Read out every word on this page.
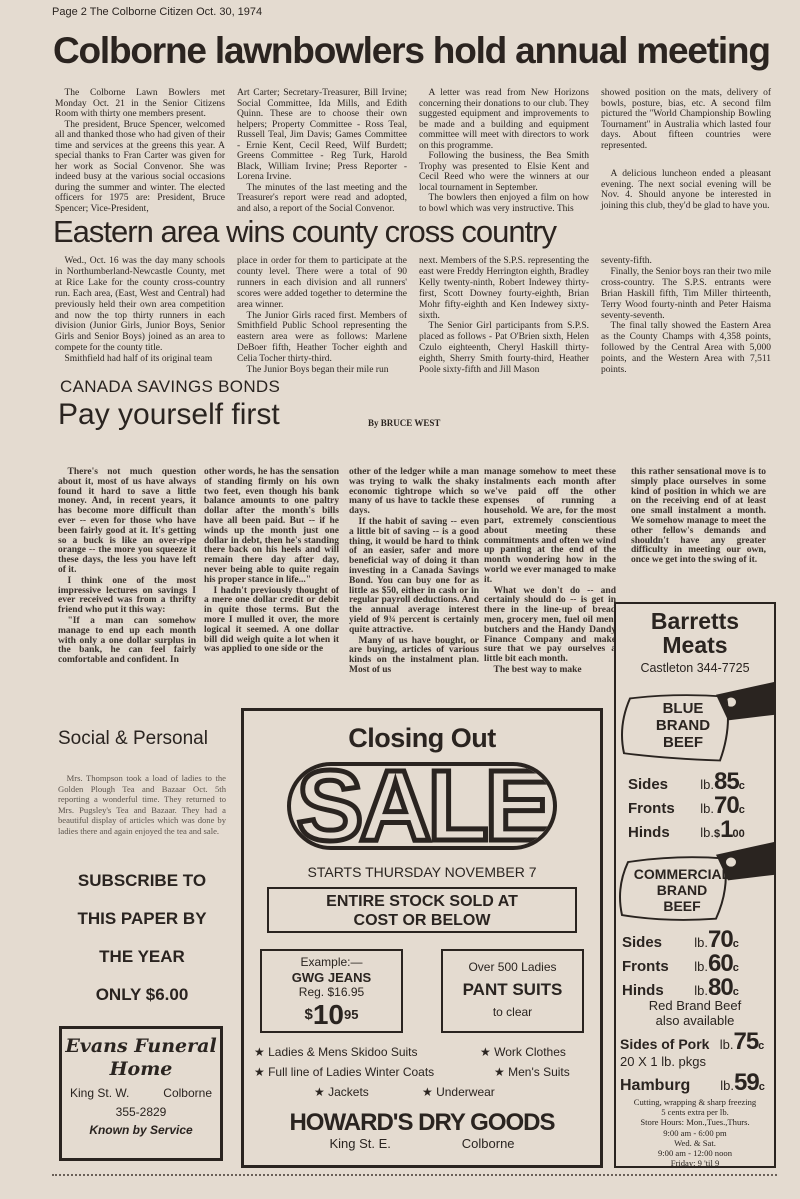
Page 2 The Colborne Citizen Oct. 30, 1974
Colborne lawnbowlers hold annual meeting

The Colborne Lawn Bowlers met Monday Oct. 21 in the Senior Citizens Room with thirty one members present.

The president, Bruce Spencer, welcomed all and thanked those who had given of their time and services at the greens this year. A special thanks to Fran Carter was given for her work as Social Convenor. She was indeed busy at the various social occasions during the summer and winter. The elected officers for 1975 are: President, Bruce Spencer; Vice-President,

Art Carter; Secretary-Treasurer, Bill Irvine; Social Committee, Ida Mills, and Edith Quinn. These are to choose their own helpers; Property Committee - Ross Teal, Russell Teal, Jim Davis; Games Committee - Ernie Kent, Cecil Reed, Wilf Burdett; Greens Committee - Reg Turk, Harold Black, William Irvine; Press Reporter - Lorena Irvine.

The minutes of the last meeting and the Treasurer's report were read and adopted, and also, a report of the Social Convenor.

A letter was read from New Horizons concerning their donations to our club. They suggested equipment and improvements to be made and a building and equipment committee will meet with directors to work on this programme.

Following the business, the Bea Smith Trophy was presented to Elsie Kent and Cecil Reed who were the winners at our local tournament in September.

The bowlers then enjoyed a film on how to bowl which was very instructive. This

showed position on the mats, delivery of bowls, posture, bias, etc. A second film pictured the ''World Championship Bowling Tournament'' in Australia which lasted four days. About fifteen countries were represented.

A delicious luncheon ended a pleasant evening. The next social evening will be Nov. 4. Should anyone be interested in joining this club, they'd be glad to have you.

Eastern area wins county cross country

Wed., Oct. 16 was the day many schools in Northumberland-Newcastle County, met at Rice Lake for the county cross-country run. Each area, (East, West and Central) had previously held their own area competition and now the top thirty runners in each division (Junior Girls, Junior Boys, Senior Girls and Senior Boys) joined as an area to compete for the county title.

Smithfield had half of its original team

place in order for them to participate at the county level. There were a total of 90 runners in each division and all runners' scores were added together to determine the area winner.

The Junior Girls raced first. Members of Smithfield Public School representing the eastern area were as follows: Marlene DeBoer fifth, Heather Tocher eighth and Celia Tocher thirty-third.

The Junior Boys began their mile run

next. Members of the S.P.S. representing the east were Freddy Herrington eighth, Bradley Kelly twenty-ninth, Robert Indewey thirty-first, Scott Downey fourty-eighth, Brian Mohr fifty-eighth and Ken Indewey sixty-sixth.

The Senior Girl participants from S.P.S. placed as follows - Pat O'Brien sixth, Helen Czulo eighteenth, Cheryl Haskill thirty-eighth, Sherry Smith fourty-third, Heather Poole sixty-fifth and Jill Mason

seventy-fifth.

Finally, the Senior boys ran their two mile cross-country. The S.P.S. entrants were Brian Haskill fifth, Tim Miller thirteenth, Terry Wood fourty-ninth and Peter Haisma seventy-seventh.

The final tally showed the Eastern Area as the County Champs with 4,358 points, followed by the Central Area with 5,000 points, and the Western Area with 7,511 points.

CANADA SAVINGS BONDS
Pay yourself first	By BRUCE WEST

There's not much question about it, most of us have always found it hard to save a little money. And, in recent years, it has become more difficult than ever -- even for those who have been fairly good at it. It's getting so a buck is like an over-ripe orange -- the more you squeeze it these days, the less you have left of it.

I think one of the most impressive lectures on savings I ever received was from a thrifty friend who put it this way:

"If a man can somehow manage to end up each month with only a one dollar surplus in the bank, he can feel fairly comfortable and confident. In

other words, he has the sensation of standing firmly on his own two feet, even though his bank balance amounts to one paltry dollar after the month's bills have all been paid. But -- if he winds up the month just one dollar in debt, then he's standing there back on his heels and will remain there day after day, never being able to quite regain his proper stance in life..."

I hadn't previously thought of a mere one dollar credit or debit in quite those terms. But the more I mulled it over, the more logical it seemed. A one dollar bill did weigh quite a lot when it was applied to one side or the

other of the ledger while a man was trying to walk the shaky economic tightrope which so many of us have to tackle these days.

If the habit of saving -- even a little bit of saving -- is a good thing, it would be hard to think of an easier, safer and more beneficial way of doing it than investing in a Canada Savings Bond. You can buy one for as little as $50, either in cash or in regular payroll deductions. And the annual average interest yield of 9¾ percent is certainly quite attractive.

Many of us have bought, or are buying, articles of various kinds on the instalment plan. Most of us

manage somehow to meet these instalments each month after we've paid off the other expenses of running a household. We are, for the most part, extremely conscientious about meeting these commitments and often we wind up panting at the end of the month wondering how in the world we ever managed to make it.

What we don't do -- and certainly should do -- is get in there in the line-up of bread men, grocery men, fuel oil men, butchers and the Handy Dandy Finance Company and make sure that we pay ourselves a little bit each month.

The best way to make

this rather sensational move is to simply place ourselves in some kind of position in which we are on the receiving end of at least one small instalment a month. We somehow manage to meet the other fellow's demands and shouldn't have any greater difficulty in meeting our own, once we get into the swing of it.

Social & Personal
Mrs. Thompson took a load of ladies to the Golden Plough Tea and Bazaar Oct. 5th reporting a wonderful time. They returned to Mrs. Pugsley's Tea and Bazaar. They had a beautiful display of articles which was done by ladies there and again enjoyed the tea and sale.
SUBSCRIBE TO
THIS PAPER BY
THE YEAR
ONLY $6.00
Evans Funeral
Home
King St. W.	Colborne
355-2829
Known by Service
Closing Out
SALE
STARTS THURSDAY NOVEMBER 7
ENTIRE STOCK SOLD AT
COST OR BELOW
Example:—
GWG JEANS
Reg. $16.95
$\$10^{95}$
Over 500 Ladies
PANT SUITS
to clear
★ Ladies & Mens Skidoo Suits	★ Work Clothes
★ Full line of Ladies Winter Coats	★ Men's Suits
★ Jackets	★ Underwear
HOWARD'S DRY GOODS
King St. E.	Colborne
Barretts
Meats
Castleton 344-7725
BLUE
BRAND
BEEF
Sides	lb. $85_c$
Fronts	lb. $70_c$
Hinds	lb. $ $1_{00}$
COMMERCIAL
BRAND
BEEF
Sides	lb. $70_c$
Fronts	lb. $60_c$
Hinds	lb. $80_c$
Red Brand Beef
also available
Sides of Pork lb. $75_c$
20 X 1 lb. pkgs
Hamburg	lb. $59_c$
Cutting, wrapping & sharp freezing
5 cents extra per lb.
Store Hours: Mon.,Tues.,Thurs.
9:00 am - 6:00 pm
Wed. & Sat.
9:00 am - 12:00 noon
Friday: 9 'til 9
